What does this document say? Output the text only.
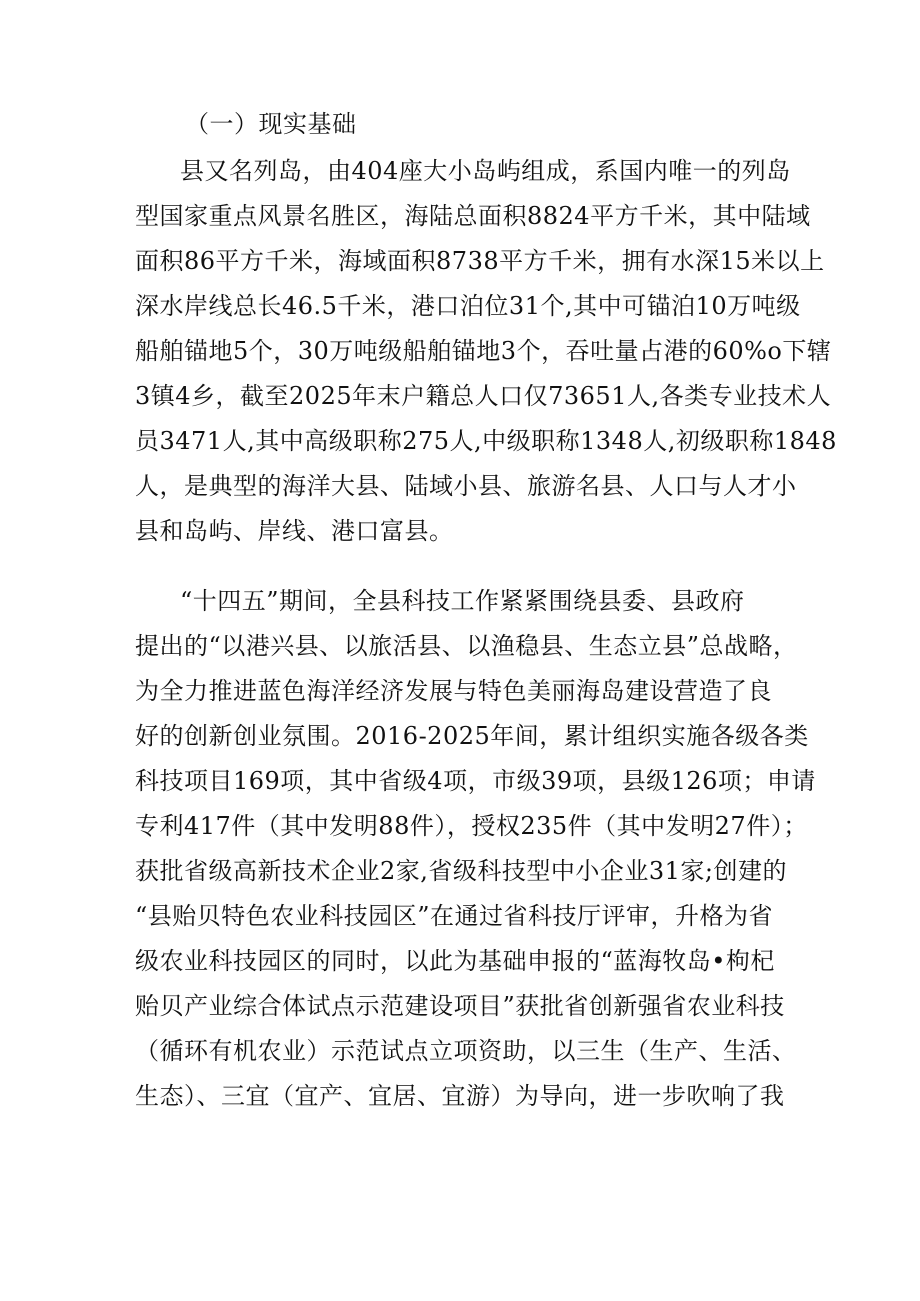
（一）现实基础
县又名列岛，由404座大小岛屿组成，系国内唯一的列岛
型国家重点风景名胜区，海陆总面积8824平方千米，其中陆域
面积86平方千米，海域面积8738平方千米，拥有水深15米以上
深水岸线总长46.5千米，港口泊位31个,其中可锚泊10万吨级
船舶锚地5个，30万吨级船舶锚地3个，吞吐量占港的60%o下辖
3镇4乡，截至2025年末户籍总人口仅73651人,各类专业技术人
员3471人,其中高级职称275人,中级职称1348人,初级职称1848
人，是典型的海洋大县、陆域小县、旅游名县、人口与人才小
县和岛屿、岸线、港口富县。
“十四五”期间，全县科技工作紧紧围绕县委、县政府
提出的“以港兴县、以旅活县、以渔稳县、生态立县”总战略，
为全力推进蓝色海洋经济发展与特色美丽海岛建设营造了良
好的创新创业氛围。2016-2025年间，累计组织实施各级各类
科技项目169项，其中省级4项，市级39项，县级126项；申请
专利417件（其中发明88件），授权235件（其中发明27件）；
获批省级高新技术企业2家,省级科技型中小企业31家;创建的
“县贻贝特色农业科技园区”在通过省科技厅评审，升格为省
级农业科技园区的同时，以此为基础申报的“蓝海牧岛•枸杞
贻贝产业综合体试点示范建设项目”获批省创新强省农业科技
（循环有机农业）示范试点立项资助，以三生（生产、生活、
生态）、三宜（宜产、宜居、宜游）为导向，进一步吹响了我
